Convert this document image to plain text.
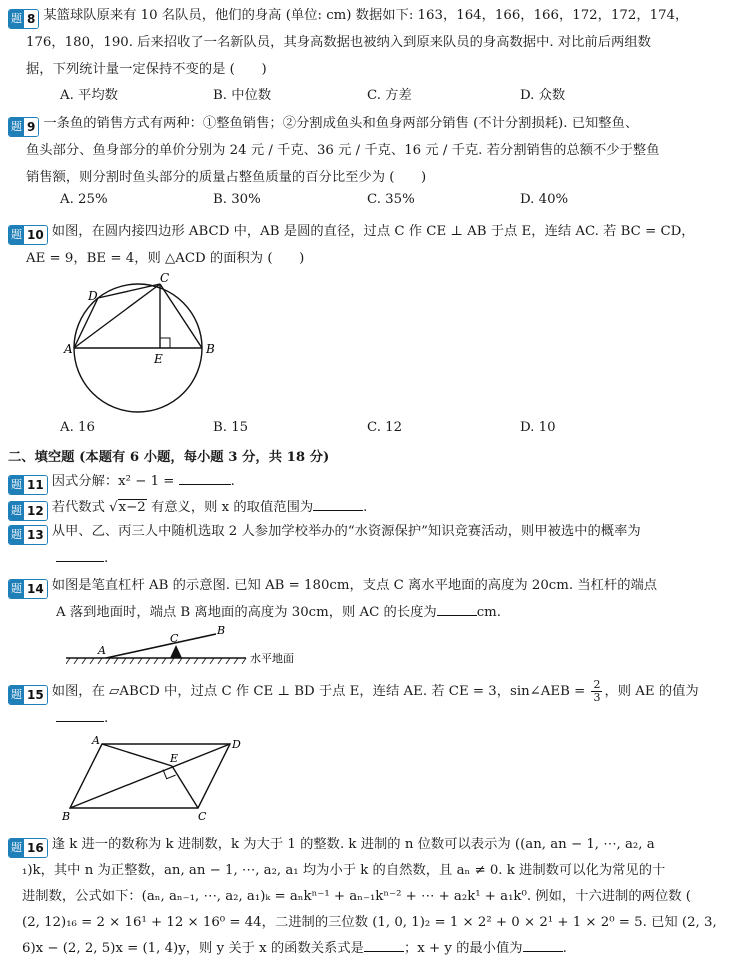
题 8 某篮球队原来有 10 名队员，他们的身高 (单位: cm) 数据如下: 163，164，166，166，172，172，174，
176，180，190. 后来招收了一名新队员，其身高数据也被纳入到原来队员的身高数据中. 对比前后两组数
据，下列统计量一定保持不变的是 (　　)
A. 平均数	B. 中位数	C. 方差	D. 众数
题 9 一条鱼的销售方式有两种：①整鱼销售；②分割成鱼头和鱼身两部分销售 (不计分割损耗). 已知整鱼、
鱼头部分、鱼身部分的单价分别为 24 元 / 千克、36 元 / 千克、16 元 / 千克. 若分割销售的总额不少于整鱼
销售额，则分割时鱼头部分的质量占整鱼质量的百分比至少为 (　　)
A. 25%	B. 30%	C. 35%	D. 40%
题 10 如图，在圆内接四边形 ABCD 中，AB 是圆的直径，过点 C 作 CE ⊥ AB 于点 E，连结 AC. 若 BC = CD，
AE = 9，BE = 4，则 △ACD 的面积为 (　　)
A	B
C
D
E
A. 16	B. 15	C. 12	D. 10
二、填空题 (本题有 6 小题，每小题 3 分，共 18 分)
题 11 因式分解：x² − 1 =	.
题 12 若代数式 √x−2 有意义，则 x 的取值范围为	.
题 13 从甲、乙、丙三人中随机选取 2 人参加学校举办的“水资源保护”知识竞赛活动，则甲被选中的概率为
.
题 14 如图是笔直杠杆 AB 的示意图. 已知 AB = 180cm，支点 C 离水平地面的高度为 20cm. 当杠杆的端点
A 落到地面时，端点 B 离地面的高度为 30cm，则 AC 的长度为	cm.
A
C
B
水平地面
题 15 如图，在 ▱ABCD 中，过点 C 作 CE ⊥ BD 于点 E，连结 AE. 若 CE = 3，sin∠AEB = $\frac{2}{3}$ ，则 AE 的值为
.
A	D
B	C
E
题 16 逢 k 进一的数称为 k 进制数，k 为大于 1 的整数. k 进制的 n 位数可以表示为 ((an, an − 1, ⋯, a₂, a
₁)k，其中 n 为正整数，an, an − 1, ⋯, a₂, a₁ 均为小于 k 的自然数，且 aₙ ≠ 0. k 进制数可以化为常见的十
进制数，公式如下：(aₙ, aₙ₋₁, ⋯, a₂, a₁)ₖ = aₙkⁿ⁻¹ + aₙ₋₁kⁿ⁻² + ⋯ + a₂k¹ + a₁k⁰. 例如，十六进制的两位数 (
(2, 12)₁₆ = 2 × 16¹ + 12 × 16⁰ = 44，二进制的三位数 (1, 0, 1)₂ = 1 × 2² + 0 × 2¹ + 1 × 2⁰ = 5. 已知 (2, 3,
6)x − (2, 2, 5)x = (1, 4)y，则 y 关于 x 的函数关系式是	；x + y 的最小值为	.
